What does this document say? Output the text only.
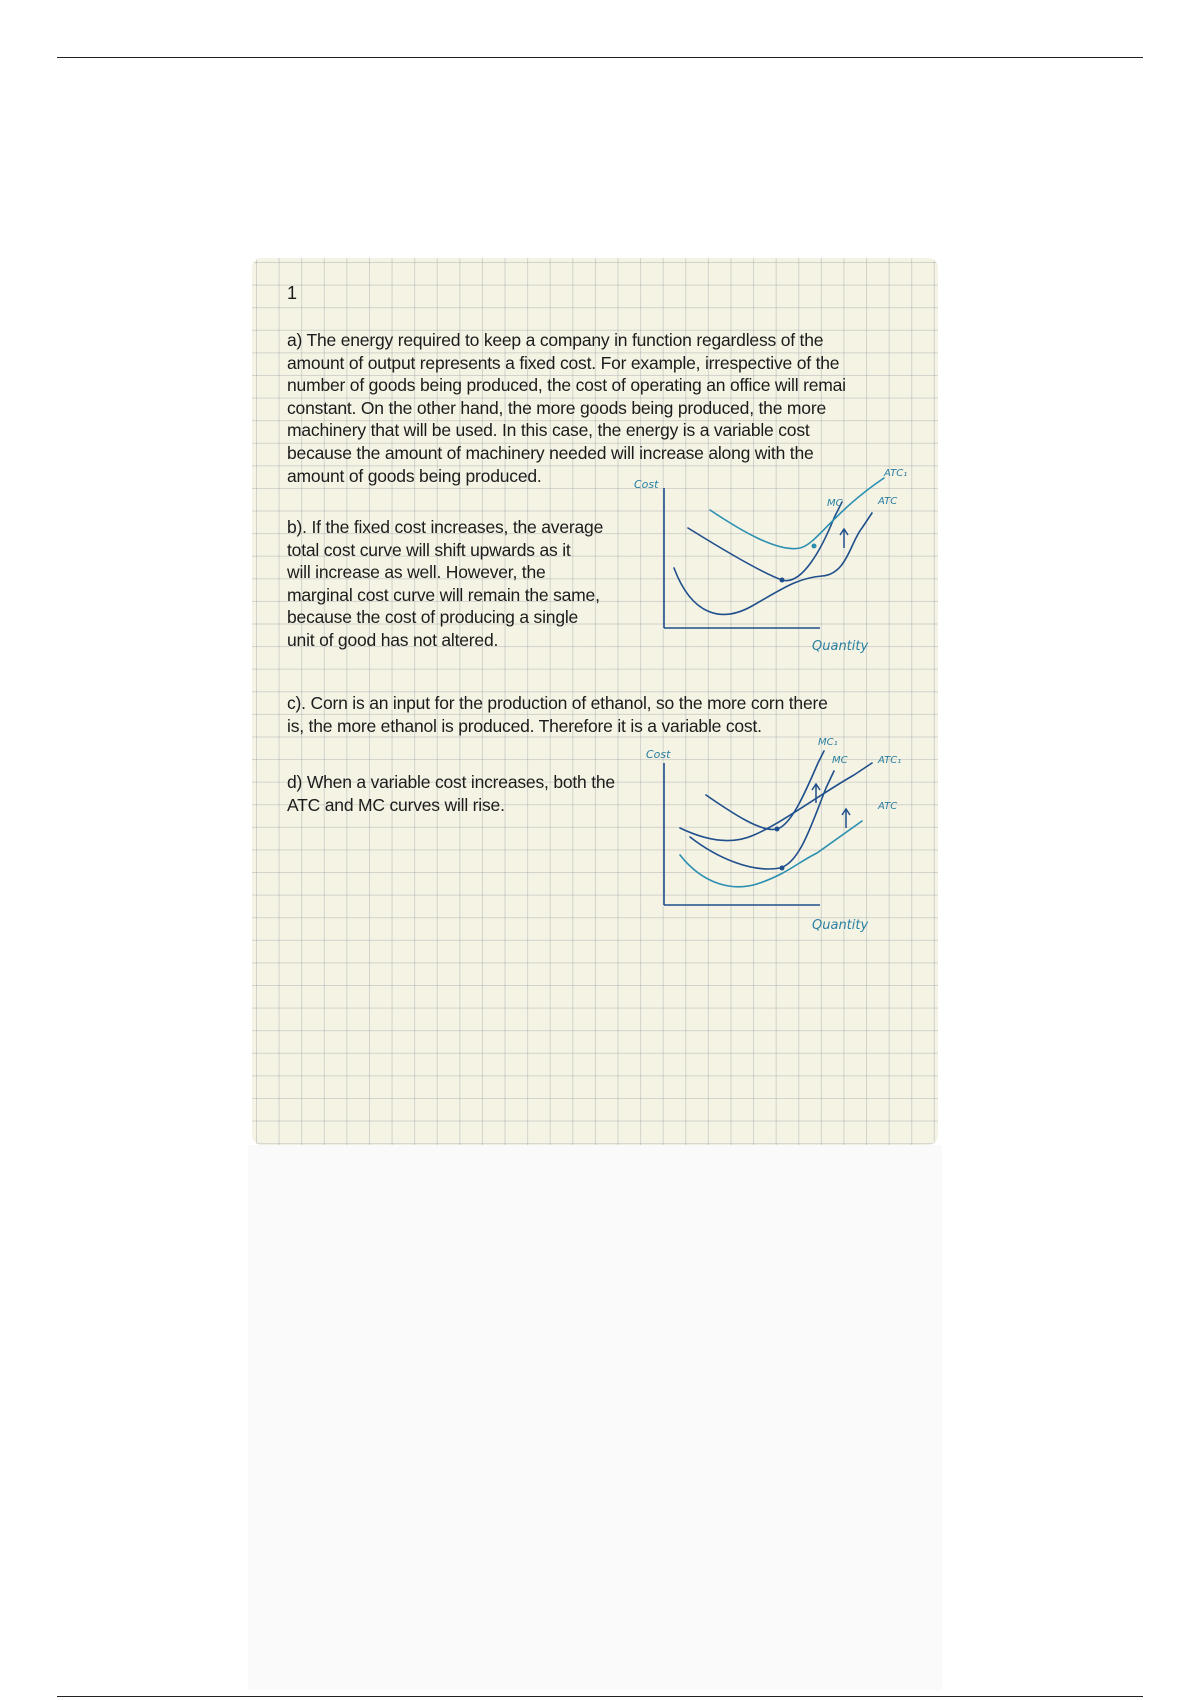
1

a) The energy required to keep a company in function regardless of the
amount of output represents a fixed cost. For example, irrespective of the
number of goods being produced, the cost of operating an office will remai
constant. On the other hand, the more goods being produced, the more
machinery that will be used. In this case, the energy is a variable cost
because the amount of machinery needed will increase along with the
amount of goods being produced.

b). If the fixed cost increases, the average
total cost curve will shift upwards as it
will increase as well. However, the
marginal cost curve will remain the same,
because the cost of producing a single
unit of good has not altered.

c). Corn is an input for the production of ethanol, so the more corn there
is, the more ethanol is produced. Therefore it is a variable cost.

d) When a variable cost increases, both the
ATC and MC curves will rise.

Cost
Quantity
MC	ATC
ATC₁
Cost
Quantity
MC₁
MC	ATC₁
ATC
